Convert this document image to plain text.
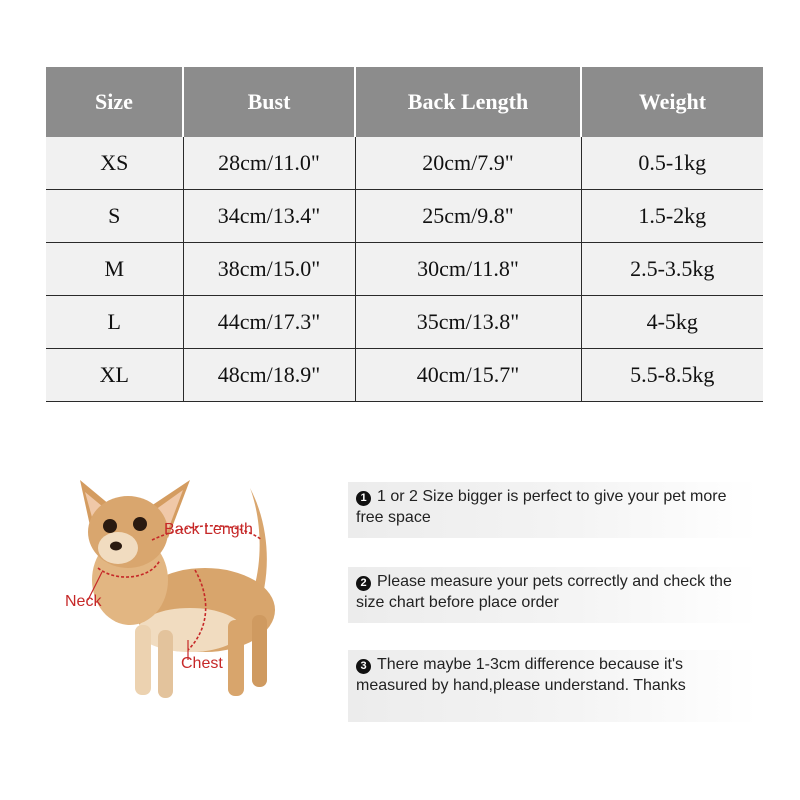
Size	Bust	Back Length	Weight
XS	28cm/11.0"	20cm/7.9"	0.5-1kg
S	34cm/13.4"	25cm/9.8"	1.5-2kg
M	38cm/15.0"	30cm/11.8"	2.5-3.5kg
L	44cm/17.3"	35cm/13.8"	4-5kg
XL	48cm/18.9"	40cm/15.7"	5.5-8.5kg
Back Length
Neck
Chest
1 1 or 2 Size bigger is perfect to give your pet more free space
2 Please measure your pets correctly and check the size chart before place order
3 There maybe 1-3cm difference because it's measured by hand,please understand. Thanks
